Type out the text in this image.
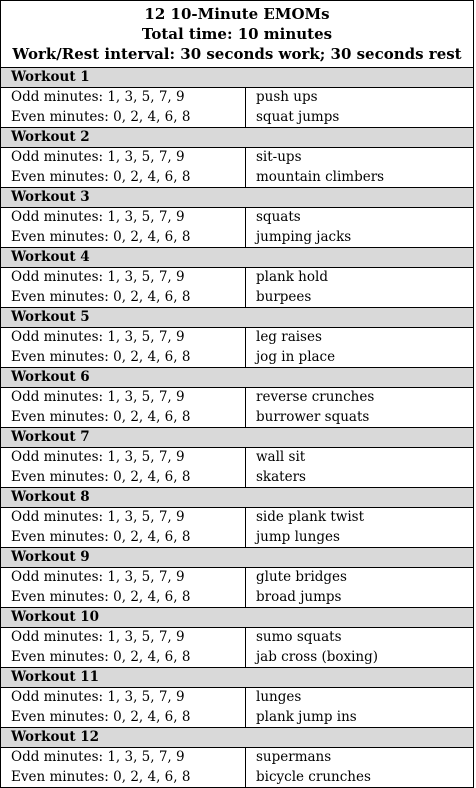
12 10-Minute EMOMs
Total time: 10 minutes
Work/Rest interval: 30 seconds work; 30 seconds rest
Workout 1
Odd minutes: 1, 3, 5, 7, 9
Even minutes: 0, 2, 4, 6, 8
push ups
squat jumps
Workout 2
Odd minutes: 1, 3, 5, 7, 9
Even minutes: 0, 2, 4, 6, 8
sit-ups
mountain climbers
Workout 3
Odd minutes: 1, 3, 5, 7, 9
Even minutes: 0, 2, 4, 6, 8
squats
jumping jacks
Workout 4
Odd minutes: 1, 3, 5, 7, 9
Even minutes: 0, 2, 4, 6, 8
plank hold
burpees
Workout 5
Odd minutes: 1, 3, 5, 7, 9
Even minutes: 0, 2, 4, 6, 8
leg raises
jog in place
Workout 6
Odd minutes: 1, 3, 5, 7, 9
Even minutes: 0, 2, 4, 6, 8
reverse crunches
burrower squats
Workout 7
Odd minutes: 1, 3, 5, 7, 9
Even minutes: 0, 2, 4, 6, 8
wall sit
skaters
Workout 8
Odd minutes: 1, 3, 5, 7, 9
Even minutes: 0, 2, 4, 6, 8
side plank twist
jump lunges
Workout 9
Odd minutes: 1, 3, 5, 7, 9
Even minutes: 0, 2, 4, 6, 8
glute bridges
broad jumps
Workout 10
Odd minutes: 1, 3, 5, 7, 9
Even minutes: 0, 2, 4, 6, 8
sumo squats
jab cross (boxing)
Workout 11
Odd minutes: 1, 3, 5, 7, 9
Even minutes: 0, 2, 4, 6, 8
lunges
plank jump ins
Workout 12
Odd minutes: 1, 3, 5, 7, 9
Even minutes: 0, 2, 4, 6, 8
supermans
bicycle crunches
